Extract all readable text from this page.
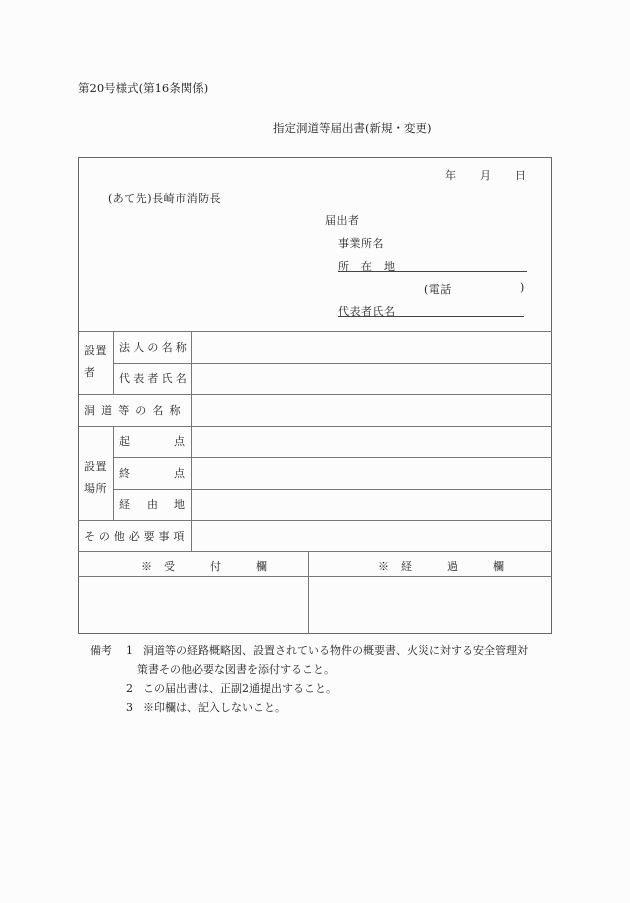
第20号様式(第16条関係)
指定洞道等届出書(新規・変更)
年 月 日
(あて先)長崎市消防長
届出者
事業所名
所　在　地
(電話	)
代表者氏名
設置
者
法人の名称
代表者氏名
洞 道 等 の 名 称
設置
場所
起	点
終	点
経 由 地
そ の 他 必 要 事 項
※　受　　　付　　　欄	※　経　　　過　　　欄
備考 1 洞道等の経路概略図、設置されている物件の概要書、火災に対する安全管理対
策書その他必要な図書を添付すること。
2 この届出書は、正副2通提出すること。
3 ※印欄は、記入しないこと。
